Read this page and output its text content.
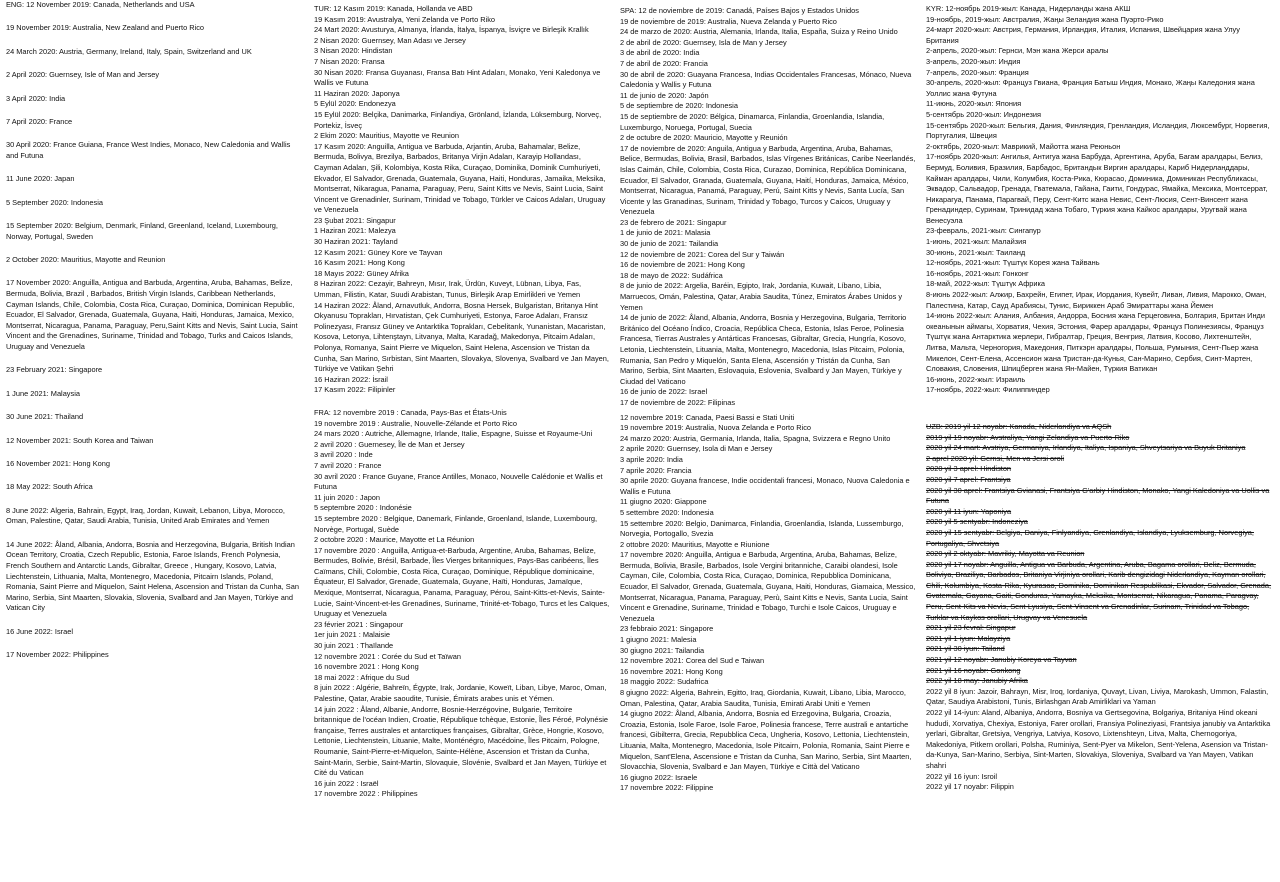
ENG: 12 November 2019: Canada, Netherlands and USA

19 November 2019: Australia, New Zealand and Puerto Rico

24 March 2020: Austria, Germany, Ireland, Italy, Spain, Switzerland and UK

2 April 2020: Guernsey, Isle of Man and Jersey

3 April 2020: India

7 April 2020: France

30 April 2020: France Guiana, France West Indies, Monaco, New Caledonia and Wallis and Futuna

11 June 2020: Japan

5 September 2020: Indonesia

15 September 2020: Belgium, Denmark, Finland, Greenland, Iceland, Luxembourg, Norway, Portugal, Sweden

2 October 2020: Mauritius, Mayotte and Reunion

17 November 2020: Anguilla, Antigua and Barbuda, Argentina, Aruba, Bahamas, Belize, Bermuda, Bolivia, Brazil , Barbados, British Virgin Islands, Caribbean Netherlands, Cayman Islands, Chile, Colombia, Costa Rica, Curaçao, Dominica, Dominican Republic, Ecuador, El Salvador, Grenada, Guatemala, Guyana, Haiti, Honduras, Jamaica, Mexico, Montserrat, Nicaragua, Panama, Paraguay, Peru,Saint Kitts and Nevis, Saint Lucia, Saint Vincent and the Grenadines, Suriname, Trinidad and Tobago, Turks and Caicos Islands, Uruguay and Venezuela

23 February 2021: Singapore

1 June 2021: Malaysia

30 June 2021: Thailand

12 November 2021: South Korea and Taiwan

16 November 2021: Hong Kong

18 May 2022: South Africa

8 June 2022: Algeria, Bahrain, Egypt, Iraq, Jordan, Kuwait, Lebanon, Libya, Morocco, Oman, Palestine, Qatar, Saudi Arabia, Tunisia, United Arab Emirates and Yemen

14 June 2022: Åland, Albania, Andorra, Bosnia and Herzegovina, Bulgaria, British Indian Ocean Territory, Croatia, Czech Republic, Estonia, Faroe Islands, French Polynesia, French Southern and Antarctic Lands, Gibraltar, Greece , Hungary, Kosovo, Latvia, Liechtenstein, Lithuania, Malta, Montenegro, Macedonia, Pitcairn Islands, Poland, Romania, Saint Pierre and Miquelon, Saint Helena, Ascension and Tristan da Cunha, San Marino, Serbia, Sint Maarten, Slovakia, Slovenia, Svalbard and Jan Mayen, Türkiye and Vatican City

16 June 2022: Israel

17 November 2022: Philippines

TUR: 12 Kasım 2019: Kanada, Hollanda ve ABD

19 Kasım 2019: Avustralya, Yeni Zelanda ve Porto Riko

24 Mart 2020: Avusturya, Almanya, İrlanda, İtalya, İspanya, İsviçre ve Birleşik Krallık

2 Nisan 2020: Guernsey, Man Adası ve Jersey

3 Nisan 2020: Hindistan

7 Nisan 2020: Fransa

30 Nisan 2020: Fransa Guyanası, Fransa Batı Hint Adaları, Monako, Yeni Kaledonya ve Wallis ve Futuna

11 Haziran 2020: Japonya

5 Eylül 2020: Endonezya

15 Eylül 2020: Belçika, Danimarka, Finlandiya, Grönland, İzlanda, Lüksemburg, Norveç, Portekiz, İsveç

2 Ekim 2020: Mauritius, Mayotte ve Reunion

17 Kasım 2020: Anguilla, Antigua ve Barbuda, Arjantin, Aruba, Bahamalar, Belize, Bermuda, Bolivya, Brezilya, Barbados, Britanya Virjin Adaları, Karayip Hollandası, Cayman Adaları, Şili, Kolombiya, Kosta Rika, Curaçao, Dominika, Dominik Cumhuriyeti, Ekvador, El Salvador, Grenada, Guatemala, Guyana, Haiti, Honduras, Jamaika, Meksika, Montserrat, Nikaragua, Panama, Paraguay, Peru, Saint Kitts ve Nevis, Saint Lucia, Saint Vincent ve Grenadinler, Surinam, Trinidad ve Tobago, Türkler ve Caicos Adaları, Uruguay ve Venezuela

23 Şubat 2021: Singapur

1 Haziran 2021: Malezya

30 Haziran 2021: Tayland

12 Kasım 2021: Güney Kore ve Tayvan

16 Kasım 2021: Hong Kong

18 Mayıs 2022: Güney Afrika

8 Haziran 2022: Cezayir, Bahreyn, Mısır, Irak, Ürdün, Kuveyt, Lübnan, Libya, Fas, Umman, Filistin, Katar, Suudi Arabistan, Tunus, Birleşik Arap Emirlikleri ve Yemen

14 Haziran 2022: Åland, Arnavutluk, Andorra, Bosna Hersek, Bulgaristan, Britanya Hint Okyanusu Toprakları, Hırvatistan, Çek Cumhuriyeti, Estonya, Faroe Adaları, Fransız Polinezyası, Fransız Güney ve Antarktika Toprakları, Cebelitarık, Yunanistan, Macaristan, Kosova, Letonya, Lihtenştayn, Litvanya, Malta, Karadağ, Makedonya, Pitcairn Adaları, Polonya, Romanya, Saint Pierre ve Miquelon, Saint Helena, Ascension ve Tristan da Cunha, San Marino, Sırbistan, Sint Maarten, Slovakya, Slovenya, Svalbard ve Jan Mayen, Türkiye ve Vatikan Şehri

16 Haziran 2022: İsrail

17 Kasım 2022: Filipinler

FRA: 12 novembre 2019 : Canada, Pays-Bas et États-Unis

19 novembre 2019 : Australie, Nouvelle-Zélande et Porto Rico

24 mars 2020 : Autriche, Allemagne, Irlande, Italie, Espagne, Suisse et Royaume-Uni

2 avril 2020 : Guernesey, Île de Man et Jersey

3 avril 2020 : Inde

7 avril 2020 : France

30 avril 2020 : France Guyane, France Antilles, Monaco, Nouvelle Calédonie et Wallis et Futuna

11 juin 2020 : Japon

5 septembre 2020 : Indonésie

15 septembre 2020 : Belgique, Danemark, Finlande, Groenland, Islande, Luxembourg, Norvège, Portugal, Suède

2 octobre 2020 : Maurice, Mayotte et La Réunion

17 novembre 2020 : Anguilla, Antigua-et-Barbuda, Argentine, Aruba, Bahamas, Belize, Bermudes, Bolivie, Brésil, Barbade, Îles Vierges britanniques, Pays-Bas caribéens, Îles Caïmans, Chili, Colombie, Costa Rica, Curaçao, Dominique, République dominicaine, Équateur, El Salvador, Grenade, Guatemala, Guyane, Haïti, Honduras, Jamaïque, Mexique, Montserrat, Nicaragua, Panama, Paraguay, Pérou, Saint-Kitts-et-Nevis, Sainte-Lucie, Saint-Vincent-et-les Grenadines, Suriname, Trinité-et-Tobago, Turcs et les Caïques, Uruguay et Venezuela

23 février 2021 : Singapour

1er juin 2021 : Malaisie

30 juin 2021 : Thaïlande

12 novembre 2021 : Corée du Sud et Taïwan

16 novembre 2021 : Hong Kong

18 mai 2022 : Afrique du Sud

8 juin 2022 : Algérie, Bahreïn, Égypte, Irak, Jordanie, Koweït, Liban, Libye, Maroc, Oman, Palestine, Qatar, Arabie saoudite, Tunisie, Émirats arabes unis et Yémen.

14 juin 2022 : Åland, Albanie, Andorre, Bosnie-Herzégovine, Bulgarie, Territoire britannique de l'océan Indien, Croatie, République tchèque, Estonie, Îles Féroé, Polynésie française, Terres australes et antarctiques françaises, Gibraltar, Grèce, Hongrie, Kosovo, Lettonie, Liechtenstein, Lituanie, Malte, Monténégro, Macédoine, Îles Pitcairn, Pologne, Roumanie, Saint-Pierre-et-Miquelon, Sainte-Hélène, Ascension et Tristan da Cunha, Saint-Marin, Serbie, Saint-Martin, Slovaquie, Slovénie, Svalbard et Jan Mayen, Türkiye et Cité du Vatican

16 juin 2022 : Israël

17 novembre 2022 : Philippines

SPA: 12 de noviembre de 2019: Canadá, Países Bajos y Estados Unidos

19 de noviembre de 2019: Australia, Nueva Zelanda y Puerto Rico

24 de marzo de 2020: Austria, Alemania, Irlanda, Italia, España, Suiza y Reino Unido

2 de abril de 2020: Guernsey, Isla de Man y Jersey

3 de abril de 2020: India

7 de abril de 2020: Francia

30 de abril de 2020: Guayana Francesa, Indias Occidentales Francesas, Mónaco, Nueva Caledonia y Wallis y Futuna

11 de junio de 2020: Japón

5 de septiembre de 2020: Indonesia

15 de septiembre de 2020: Bélgica, Dinamarca, Finlandia, Groenlandia, Islandia, Luxemburgo, Noruega, Portugal, Suecia

2 de octubre de 2020: Mauricio, Mayotte y Reunión

17 de noviembre de 2020: Anguila, Antigua y Barbuda, Argentina, Aruba, Bahamas, Belice, Bermudas, Bolivia, Brasil, Barbados, Islas Vírgenes Británicas, Caribe Neerlandés, Islas Caimán, Chile, Colombia, Costa Rica, Curazao, Dominica, República Dominicana, Ecuador, El Salvador, Granada, Guatemala, Guyana, Haití, Honduras, Jamaica, México, Montserrat, Nicaragua, Panamá, Paraguay, Perú, Saint Kitts y Nevis, Santa Lucía, San Vicente y las Granadinas, Surinam, Trinidad y Tobago, Turcos y Caicos, Uruguay y Venezuela

23 de febrero de 2021: Singapur

1 de junio de 2021: Malasia

30 de junio de 2021: Tailandia

12 de noviembre de 2021: Corea del Sur y Taiwán

16 de noviembre de 2021: Hong Kong

18 de mayo de 2022: Sudáfrica

8 de junio de 2022: Argelia, Baréin, Egipto, Irak, Jordania, Kuwait, Líbano, Libia, Marruecos, Omán, Palestina, Qatar, Arabia Saudita, Túnez, Emiratos Árabes Unidos y Yemen

14 de junio de 2022: Åland, Albania, Andorra, Bosnia y Herzegovina, Bulgaria, Territorio Británico del Océano Índico, Croacia, República Checa, Estonia, Islas Feroe, Polinesia Francesa, Tierras Australes y Antárticas Francesas, Gibraltar, Grecia, Hungría, Kosovo, Letonia, Liechtenstein, Lituania, Malta, Montenegro, Macedonia, Islas Pitcairn, Polonia, Rumania, San Pedro y Miquelón, Santa Elena, Ascensión y Tristán da Cunha, San Marino, Serbia, Sint Maarten, Eslovaquia, Eslovenia, Svalbard y Jan Mayen, Türkiye y Ciudad del Vaticano

16 de junio de 2022: Israel

17 de noviembre de 2022: Filipinas

12 novembre 2019: Canada, Paesi Bassi e Stati Uniti

19 novembre 2019: Australia, Nuova Zelanda e Porto Rico

24 marzo 2020: Austria, Germania, Irlanda, Italia, Spagna, Svizzera e Regno Unito

2 aprile 2020: Guernsey, Isola di Man e Jersey

3 aprile 2020: India

7 aprile 2020: Francia

30 aprile 2020: Guyana francese, Indie occidentali francesi, Monaco, Nuova Caledonia e Wallis e Futuna

11 giugno 2020: Giappone

5 settembre 2020: Indonesia

15 settembre 2020: Belgio, Danimarca, Finlandia, Groenlandia, Islanda, Lussemburgo, Norvegia, Portogallo, Svezia

2 ottobre 2020: Mauritius, Mayotte e Riunione

17 novembre 2020: Anguilla, Antigua e Barbuda, Argentina, Aruba, Bahamas, Belize, Bermuda, Bolivia, Brasile, Barbados, Isole Vergini britanniche, Caraibi olandesi, Isole Cayman, Cile, Colombia, Costa Rica, Curaçao, Dominica, Repubblica Dominicana, Ecuador, El Salvador, Grenada, Guatemala, Guyana, Haiti, Honduras, Giamaica, Messico, Montserrat, Nicaragua, Panama, Paraguay, Perù, Saint Kitts e Nevis, Santa Lucia, Saint Vincent e Grenadine, Suriname, Trinidad e Tobago, Turchi e Isole Caicos, Uruguay e Venezuela

23 febbraio 2021: Singapore

1 giugno 2021: Malesia

30 giugno 2021: Tailandia

12 novembre 2021: Corea del Sud e Taiwan

16 novembre 2021: Hong Kong

18 maggio 2022: Sudafrica

8 giugno 2022: Algeria, Bahrein, Egitto, Iraq, Giordania, Kuwait, Libano, Libia, Marocco, Oman, Palestina, Qatar, Arabia Saudita, Tunisia, Emirati Arabi Uniti e Yemen

14 giugno 2022: Åland, Albania, Andorra, Bosnia ed Erzegovina, Bulgaria, Croazia, Croazia, Estonia, Isole Faroe, Isole Faroe, Polinesia francese, Terre australi e antartiche francesi, Gibilterra, Grecia, Repubblica Ceca, Ungheria, Kosovo, Lettonia, Liechtenstein, Lituania, Malta, Montenegro, Macedonia, Isole Pitcairn, Polonia, Romania, Saint Pierre e Miquelon, Sant'Elena, Ascensione e Tristan da Cunha, San Marino, Serbia, Sint Maarten, Slovacchia, Slovenia, Svalbard e Jan Mayen, Türkiye e Città del Vaticano

16 giugno 2022: Israele

17 novembre 2022: Filippine

KYR: 12-ноябрь 2019-жыл: Канада, Нидерланды жана АКШ

19-ноябрь, 2019-жыл: Австралия, Жаңы Зеландия жана Пуэрто-Рико

24-март 2020-жыл: Австрия, Германия, Ирландия, Италия, Испания, Швейцария жана Улуу Британия

2-апрель, 2020-жыл: Гернси, Мэн жана Жерси аралы

3-апрель, 2020-жыл: Индия

7-апрель, 2020-жыл: Франция

30-апрель, 2020-жыл: Француз Гвиана, Франция Батыш Индия, Монако, Жаңы Каледония жана Уоллис жана Футуна

11-июнь, 2020-жыл: Япония

5-сентябрь 2020-жыл: Индонезия

15-сентябрь 2020-жыл: Бельгия, Дания, Финляндия, Гренландия, Исландия, Люксембург, Норвегия, Португалия, Швеция

2-октябрь, 2020-жыл: Маврикий, Майотта жана Реюньон

17-ноябрь 2020-жыл: Ангилья, Антигуа жана Барбуда, Аргентина, Аруба, Багам аралдары, Белиз, Бермуд, Боливия, Бразилия, Барбадос, Британдык Виргин аралдары, Кариб Нидерланддары, Кайман аралдары, Чили, Колумбия, Коста-Рика, Кюрасао, Доминика, Доминикан Республикасы, Эквадор, Сальвадор, Гренада, Гватемала, Гайана, Гаити, Гондурас, Ямайка, Мексика, Монтсеррат, Никарагуа, Панама, Парагвай, Перу, Сент-Китс жана Невис, Сент-Люсия, Сент-Винсент жана Гренадиндер, Суринам, Тринидад жана Тобаго, Түркия жана Кайкос аралдары, Уругвай жана Венесуэла

23-февраль, 2021-жыл: Сингапур

1-июнь, 2021-жыл: Малайзия

30-июнь, 2021-жыл: Таиланд

12-ноябрь, 2021-жыл: Түштүк Корея жана Тайвань

16-ноябрь, 2021-жыл: Гонконг

18-май, 2022-жыл: Түштүк Африка

8-июнь 2022-жыл: Алжир, Бахрейн, Египет, Ирак, Иордания, Кувейт, Ливан, Ливия, Марокко, Оман, Палестина, Катар, Сауд Арабиясы, Тунис, Бириккен Араб Эмираттары жана Йемен

14-июнь 2022-жыл: Алания, Албания, Андорра, Босния жана Герцеговина, Болгария, Британ Инди океанынын аймагы, Хорватия, Чехия, Эстония, Фарер аралдары, Француз Полинезиясы, Француз Түштүк жана Антарктика жерлери, Гибралтар, Греция, Венгрия, Латвия, Косово, Лихтенштейн, Литва, Мальта, Черногория, Македония, Питкэрн аралдары, Польша, Румыния, Сент-Пьер жана Микелон, Сент-Елена, Ассенсион жана Тристан-да-Кунья, Сан-Марино, Сербия, Синт-Мартен, Словакия, Словения, Шпицберген жана Ян-Майен, Түркия Ватикан

16-июнь, 2022-жыл: Израиль

17-ноябрь, 2022-жыл: Филиппиндер

UZB: 2019 yil 12 noyabr: Kanada, Niderlandiya va AQSh

2019 yil 19 noyabr: Avstraliya, Yangi Zelandiya va Puerto-Riko

2020 yil 24 mart: Avstriya, Germaniya, Irlandiya, Italiya, Ispaniya, Shveytsariya va Buyuk Britaniya

2 aprel 2020 yil: Gernsi, Men va Jersi oroli

2020 yil 3 aprel: Hindiston

2020 yil 7 aprel: Frantsiya

2020 yil 30 aprel: Frantsiya Gvianasi, Frantsiya G'arbiy Hindiston, Monako, Yangi Kaledoniya va Uollis va Futuna

2020 yil 11 iyun: Yaponiya

2020 yil 5 sentyabr: Indoneziya

2020 yil 15 sentyabr: Belgiya, Daniya, Finlyandiya, Grenlandiya, Islandiya, Lyuksemburg, Norvegiya, Portugaliya, Shvetsiya

2020 yil 2 oktyabr: Mavrikiy, Mayotta va Reunion

2020 yil 17 noyabr: Anguilla, Antigua va Barbuda, Argentina, Aruba, Bagama orollari, Beliz, Bermuda, Boliviya, Braziliya, Barbados, Britaniya Virjiniya orollari, Karib dengizidagi Niderlandiya, Kayman orollari, Chili, Kolumbiya, Kosta-Rika, Kyurasao, Dominika, Dominikan Respublikasi, Ekvador, Salvador, Grenada, Gvatemala, Gayana, Gaiti, Gonduras, Yamayka, Meksika, Montserrat, Nikaragua, Panama, Paragvay, Peru, Sent-Kits va Nevis, Sent-Lyusiya, Sent-Vinsent va Grenadinlar, Surinam, Trinidad va Tobago, Turklar va Kaykos orollari, Urugvay va Venesuela

2021 yil 23 fevral: Singapur

2021 yil 1 iyun: Malayziya

2021 yil 30 iyun: Tailand

2021 yil 12 noyabr: Janubiy Koreya va Tayvan

2021 yil 16 noyabr: Gonkong

2022 yil 18 may: Janubiy Afrika

2022 yil 8 iyun: Jazoir, Bahrayn, Misr, Iroq, Iordaniya, Quvayt, Livan, Liviya, Marokash, Ummon, Falastin, Qatar, Saudiya Arabistoni, Tunis, Birlashgan Arab Amirliklari va Yaman

2022 yil 14-iyun: Aland, Albaniya, Andorra, Bosniya va Gertsegovina, Bolgariya, Britaniya Hind okeani hududi, Xorvatiya, Chexiya, Estoniya, Farer orollari, Fransiya Polineziyasi, Frantsiya janubiy va Antarktika yerlari, Gibraltar, Gretsiya, Vengriya, Latviya, Kosovo, Lixtenshteyn, Litva, Malta, Chernogoriya, Makedoniya, Pitkern orollari, Polsha, Ruminiya, Sent-Pyer va Mikelon, Sent-Yelena, Asension va Tristan-da-Kunya, San-Marino, Serbiya, Sint-Marten, Slovakiya, Sloveniya, Svalbard va Yan Mayen, Vatikan shahri

2022 yil 16 iyun: Isroil

2022 yil 17 noyabr: Filippin
